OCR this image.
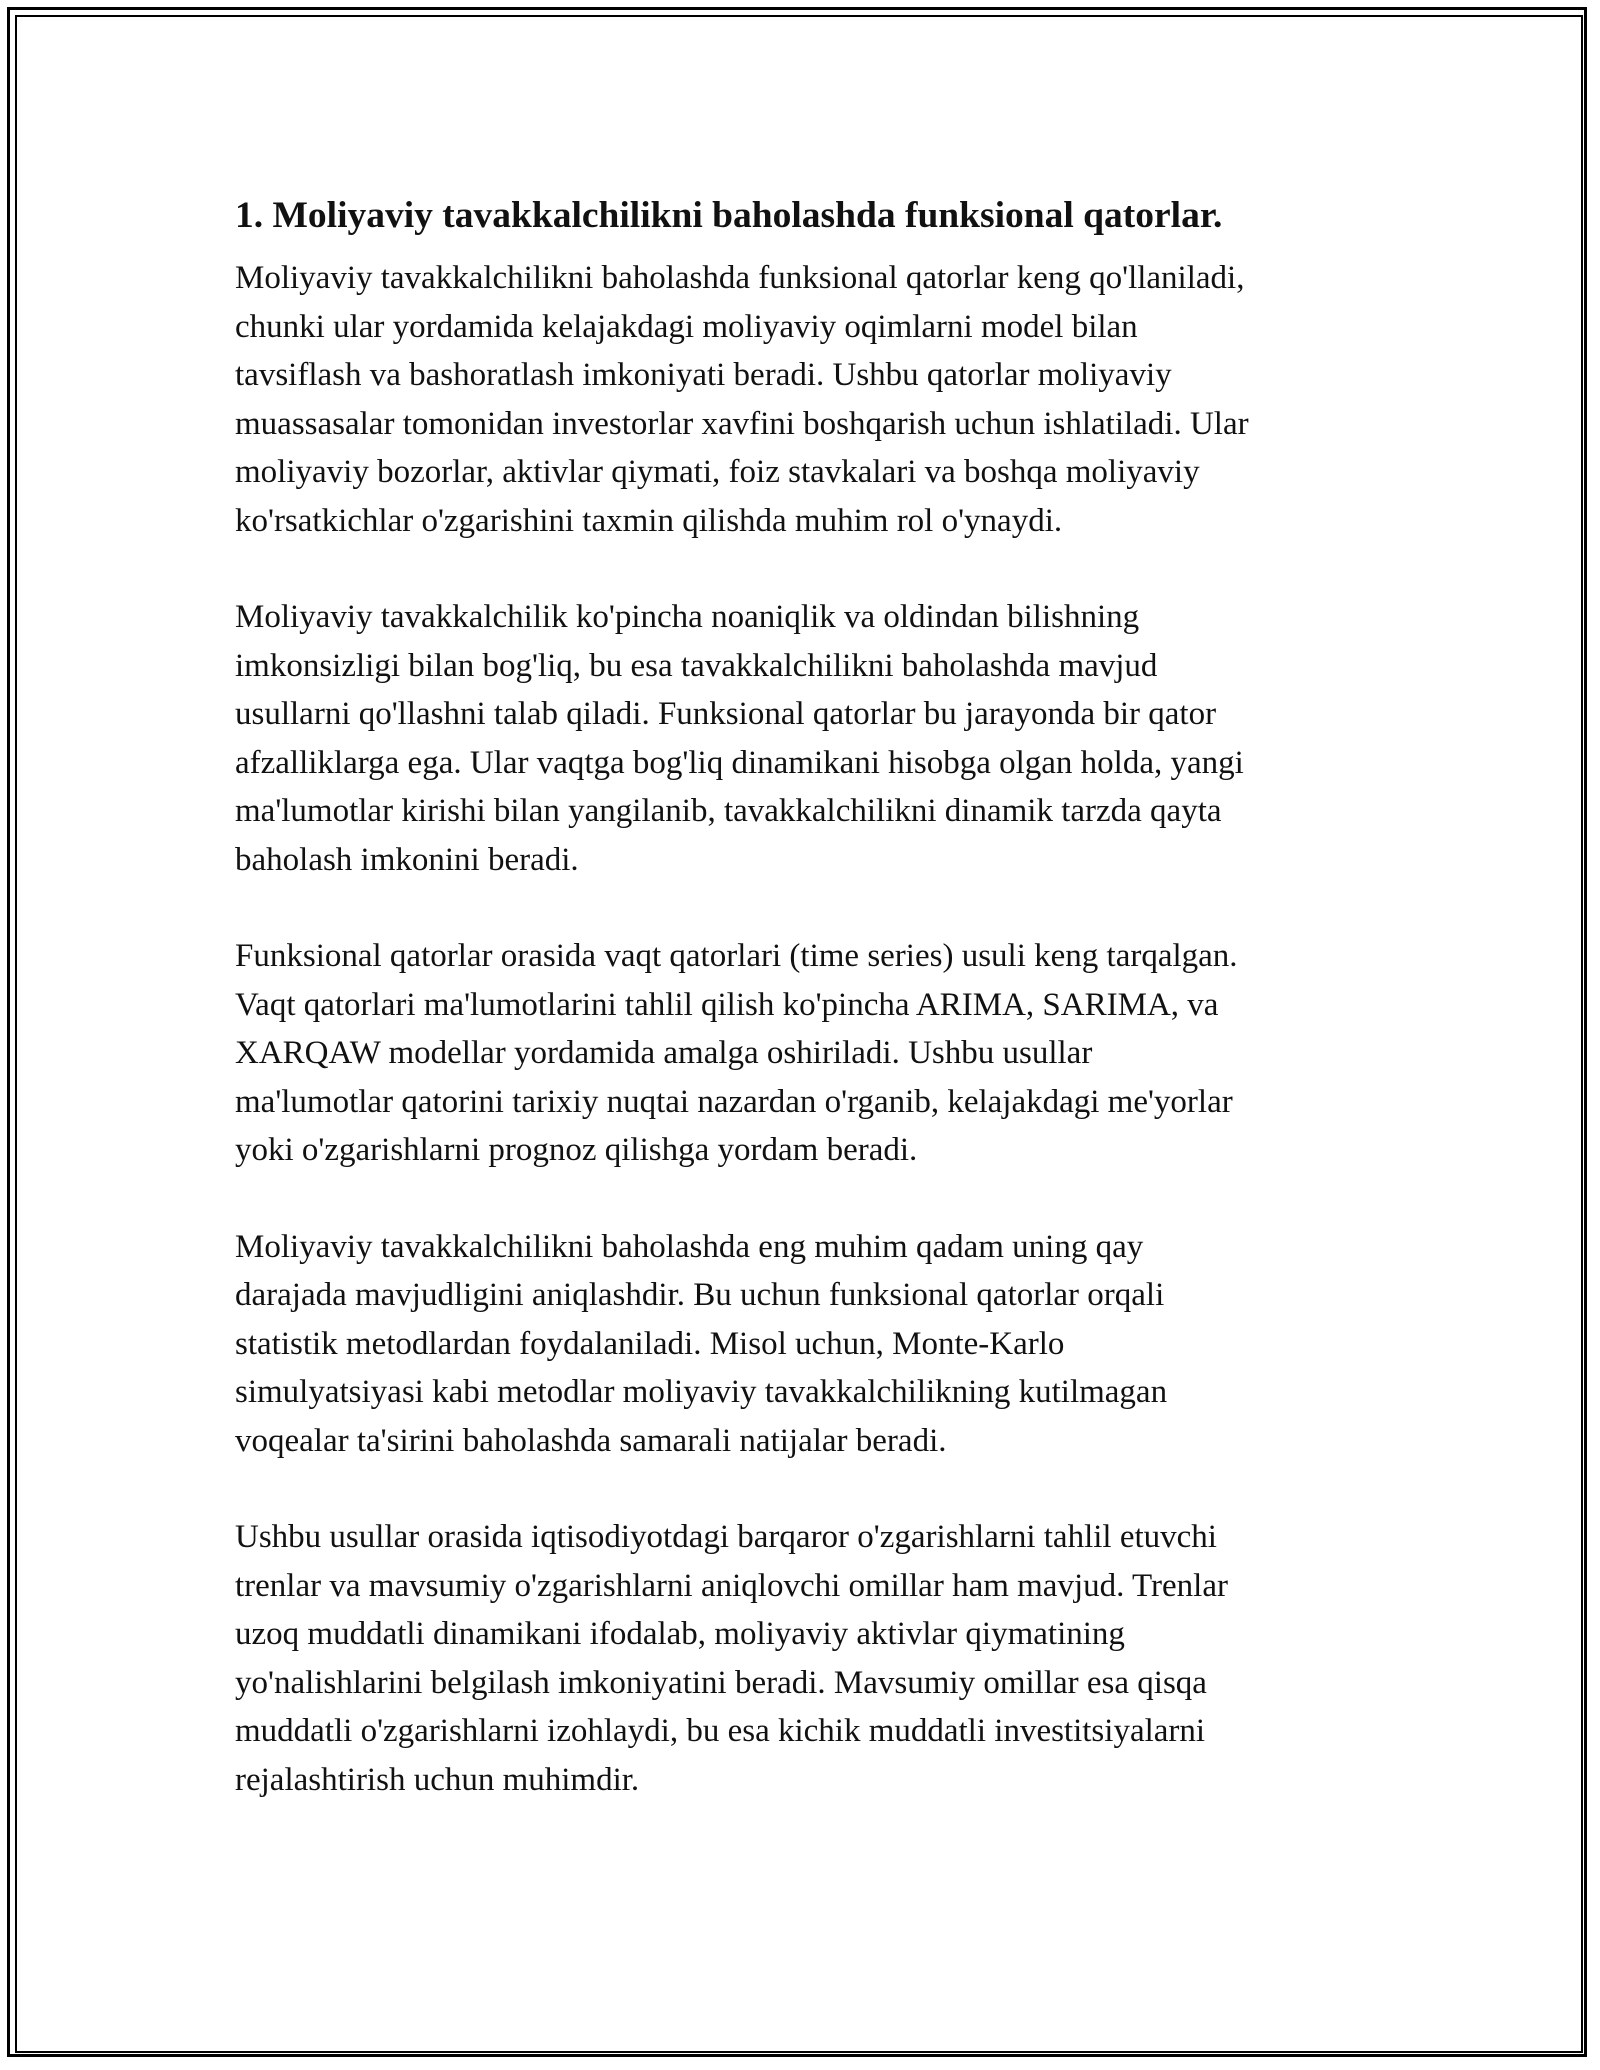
1. Moliyaviy tavakkalchilikni baholashda funksional qatorlar.
Moliyaviy tavakkalchilikni baholashda funksional qatorlar keng qo'llaniladi,
chunki ular yordamida kelajakdagi moliyaviy oqimlarni model bilan
tavsiflash va bashoratlash imkoniyati beradi. Ushbu qatorlar moliyaviy
muassasalar tomonidan investorlar xavfini boshqarish uchun ishlatiladi. Ular
moliyaviy bozorlar, aktivlar qiymati, foiz stavkalari va boshqa moliyaviy
ko'rsatkichlar o'zgarishini taxmin qilishda muhim rol o'ynaydi.
Moliyaviy tavakkalchilik ko'pincha noaniqlik va oldindan bilishning
imkonsizligi bilan bog'liq, bu esa tavakkalchilikni baholashda mavjud
usullarni qo'llashni talab qiladi. Funksional qatorlar bu jarayonda bir qator
afzalliklarga ega. Ular vaqtga bog'liq dinamikani hisobga olgan holda, yangi
ma'lumotlar kirishi bilan yangilanib, tavakkalchilikni dinamik tarzda qayta
baholash imkonini beradi.
Funksional qatorlar orasida vaqt qatorlari (time series) usuli keng tarqalgan.
Vaqt qatorlari ma'lumotlarini tahlil qilish ko'pincha ARIMA, SARIMA, va
XARQAW modellar yordamida amalga oshiriladi. Ushbu usullar
ma'lumotlar qatorini tarixiy nuqtai nazardan o'rganib, kelajakdagi me'yorlar
yoki o'zgarishlarni prognoz qilishga yordam beradi.
Moliyaviy tavakkalchilikni baholashda eng muhim qadam uning qay
darajada mavjudligini aniqlashdir. Bu uchun funksional qatorlar orqali
statistik metodlardan foydalaniladi. Misol uchun, Monte-Karlo
simulyatsiyasi kabi metodlar moliyaviy tavakkalchilikning kutilmagan
voqealar ta'sirini baholashda samarali natijalar beradi.
Ushbu usullar orasida iqtisodiyotdagi barqaror o'zgarishlarni tahlil etuvchi
trenlar va mavsumiy o'zgarishlarni aniqlovchi omillar ham mavjud. Trenlar
uzoq muddatli dinamikani ifodalab, moliyaviy aktivlar qiymatining
yo'nalishlarini belgilash imkoniyatini beradi. Mavsumiy omillar esa qisqa
muddatli o'zgarishlarni izohlaydi, bu esa kichik muddatli investitsiyalarni
rejalashtirish uchun muhimdir.
